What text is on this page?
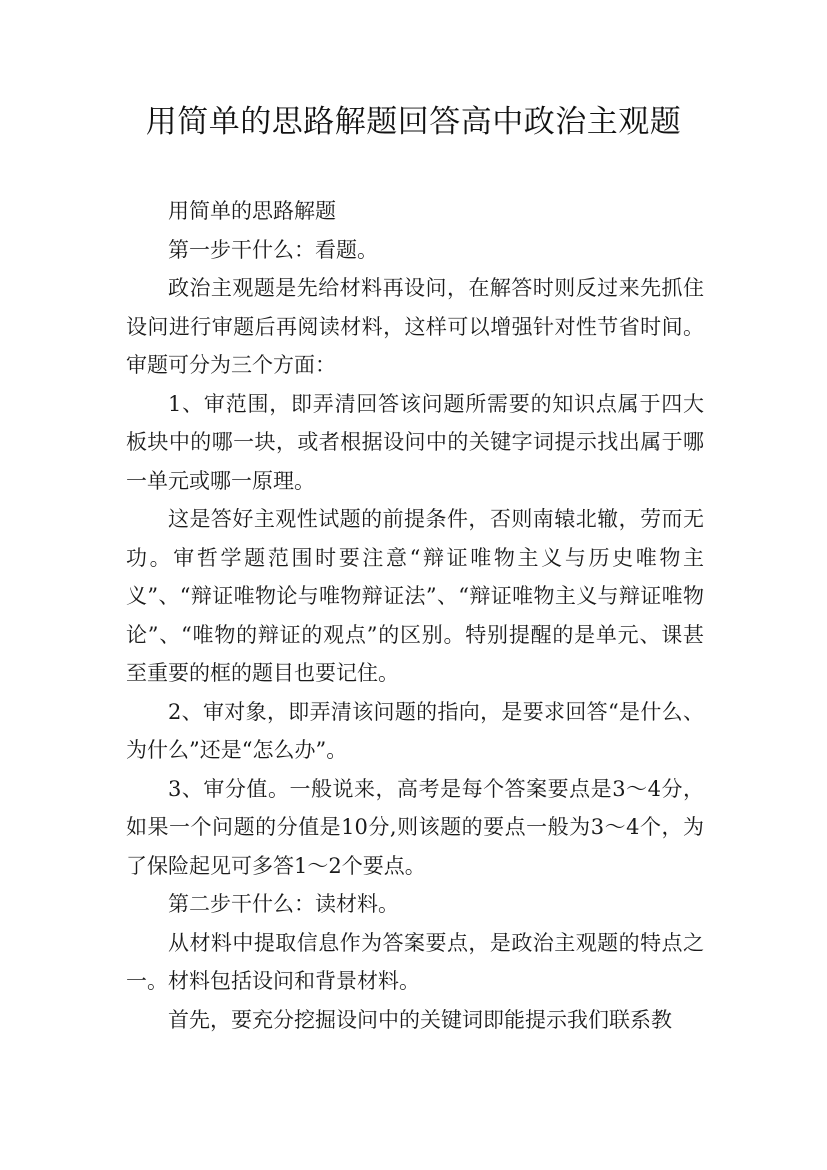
用简单的思路解题回答高中政治主观题

用简单的思路解题

第一步干什么：看题。

政治主观题是先给材料再设问，在解答时则反过来先抓住设问进行审题后再阅读材料，这样可以增强针对性节省时间。审题可分为三个方面：

1、审范围，即弄清回答该问题所需要的知识点属于四大板块中的哪一块，或者根据设问中的关键字词提示找出属于哪一单元或哪一原理。

这是答好主观性试题的前提条件，否则南辕北辙，劳而无功。审哲学题范围时要注意“辩证唯物主义与历史唯物主义”、“辩证唯物论与唯物辩证法”、“辩证唯物主义与辩证唯物论”、“唯物的辩证的观点”的区别。特别提醒的是单元、课甚至重要的框的题目也要记住。

2、审对象，即弄清该问题的指向，是要求回答“是什么、为什么”还是“怎么办”。

3、审分值。一般说来，高考是每个答案要点是3～4分，如果一个问题的分值是10分,则该题的要点一般为3～4个，为了保险起见可多答1～2个要点。

第二步干什么：读材料。

从材料中提取信息作为答案要点，是政治主观题的特点之一。材料包括设问和背景材料。

首先，要充分挖掘设问中的关键词即能提示我们联系教
